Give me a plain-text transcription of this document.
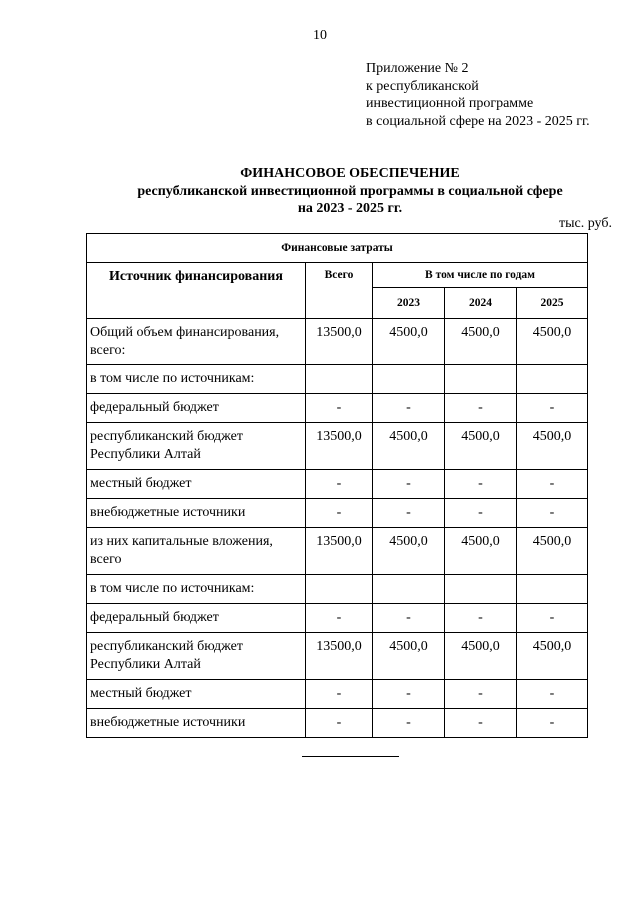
10
Приложение № 2
к республиканской
инвестиционной программе
в социальной сфере на 2023 - 2025 гг.
ФИНАНСОВОЕ ОБЕСПЕЧЕНИЕ
республиканской инвестиционной программы в социальной сфере
на 2023 - 2025 гг.
тыс. руб.
Финансовые затраты				
Источник финансирования	Всего	В том числе по годам		
		2023	2024	2025
Общий объем финансирования, всего:	13500,0	4500,0	4500,0	4500,0
в том числе по источникам:				
федеральный бюджет	-	-	-	-
республиканский бюджет Республики Алтай	13500,0	4500,0	4500,0	4500,0
местный бюджет	-	-	-	-
внебюджетные источники	-	-	-	-
из них капитальные вложения, всего	13500,0	4500,0	4500,0	4500,0
в том числе по источникам:				
федеральный бюджет	-	-	-	-
республиканский бюджет Республики Алтай	13500,0	4500,0	4500,0	4500,0
местный бюджет	-	-	-	-
внебюджетные источники	-	-	-	-
